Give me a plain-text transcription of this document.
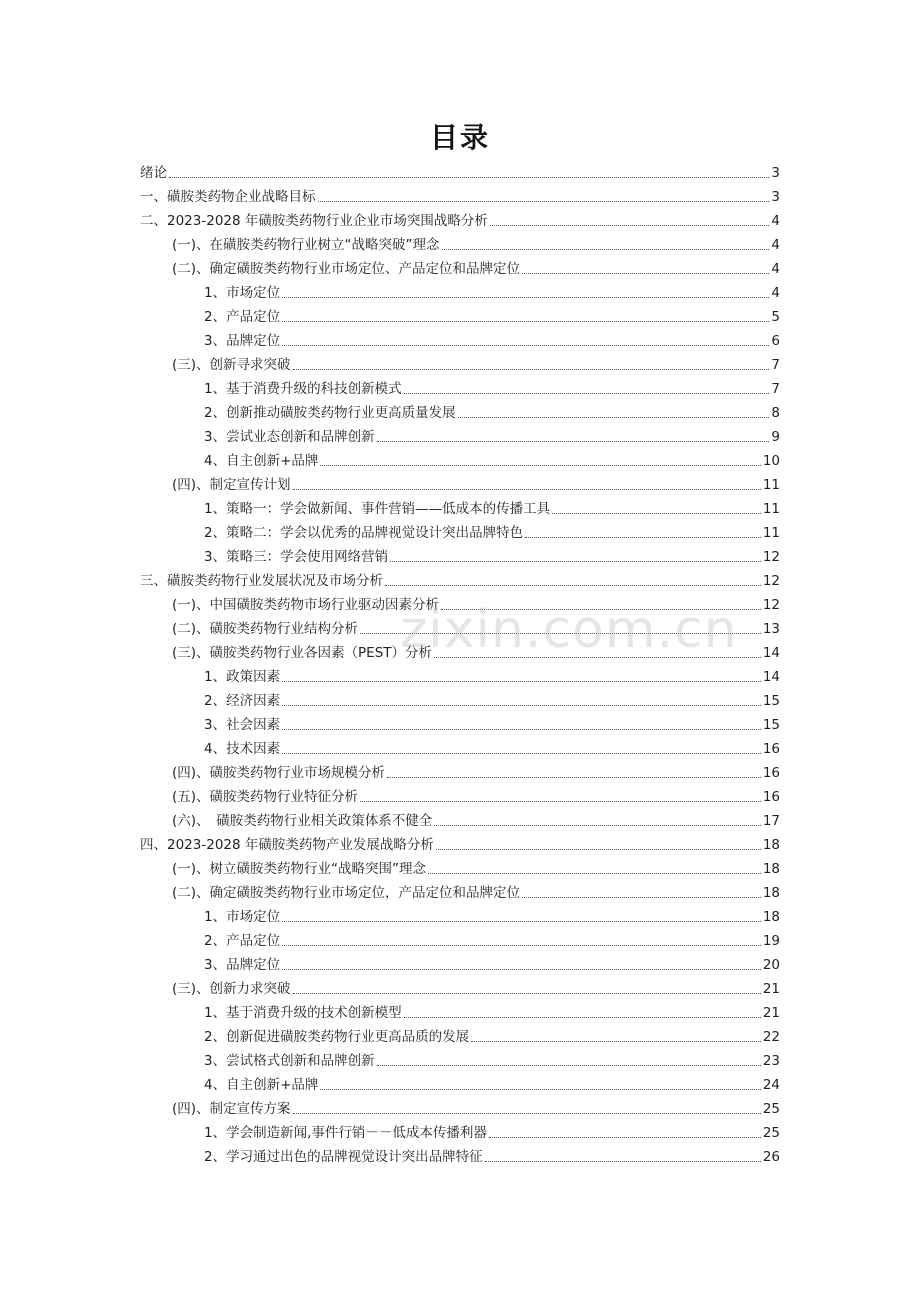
目录
绪论	3
一、磺胺类药物企业战略目标	3
二、2023-2028 年磺胺类药物行业企业市场突围战略分析	4
(一)、在磺胺类药物行业树立“战略突破”理念	4
(二)、确定磺胺类药物行业市场定位、产品定位和品牌定位	4
1、市场定位	4
2、产品定位	5
3、品牌定位	6
(三)、创新寻求突破	7
1、基于消费升级的科技创新模式	7
2、创新推动磺胺类药物行业更高质量发展	8
3、尝试业态创新和品牌创新	9
4、自主创新+品牌	10
(四)、制定宣传计划	11
1、策略一：学会做新闻、事件营销——低成本的传播工具	11
2、策略二：学会以优秀的品牌视觉设计突出品牌特色	11
3、策略三：学会使用网络营销	12
三、磺胺类药物行业发展状况及市场分析	12
(一)、中国磺胺类药物市场行业驱动因素分析	12
(二)、磺胺类药物行业结构分析	13
(三)、磺胺类药物行业各因素（PEST）分析	14
1、政策因素	14
2、经济因素	15
3、社会因素	15
4、技术因素	16
(四)、磺胺类药物行业市场规模分析	16
(五)、磺胺类药物行业特征分析	16
(六)、　磺胺类药物行业相关政策体系不健全	17
四、2023-2028 年磺胺类药物产业发展战略分析	18
(一)、树立磺胺类药物行业“战略突围”理念	18
(二)、确定磺胺类药物行业市场定位，产品定位和品牌定位	18
1、市场定位	18
2、产品定位	19
3、品牌定位	20
(三)、创新力求突破	21
1、基于消费升级的技术创新模型	21
2、创新促进磺胺类药物行业更高品质的发展	22
3、尝试格式创新和品牌创新	23
4、自主创新+品牌	24
(四)、制定宣传方案	25
1、学会制造新闻,事件行销－－低成本传播利器	25
2、学习通过出色的品牌视觉设计突出品牌特征	26
zixin.com.cn
